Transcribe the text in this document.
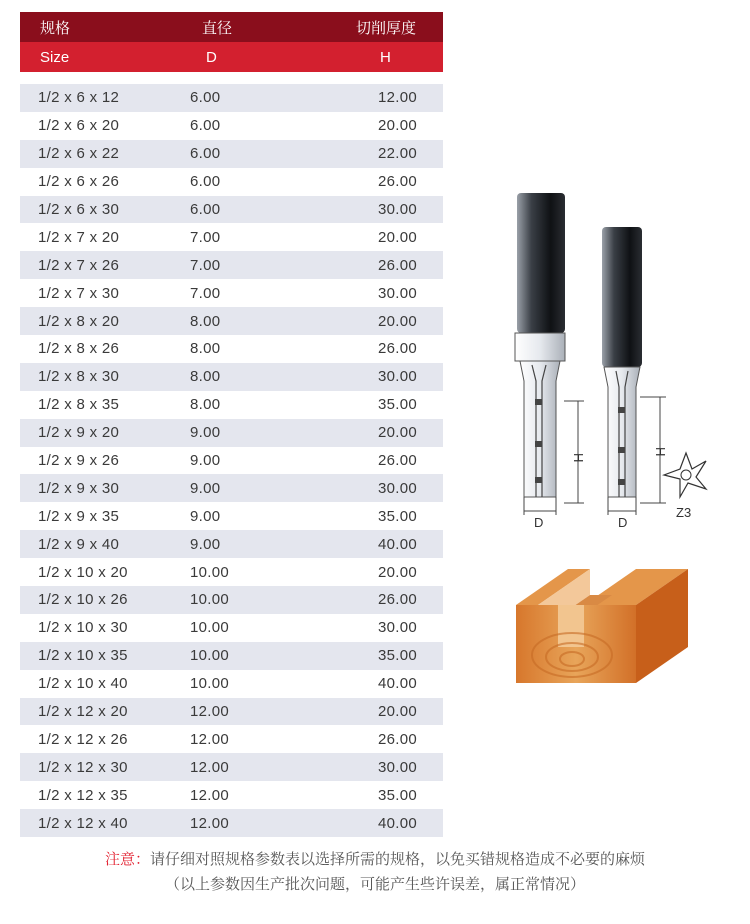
规格	直径	切削厚度
Size	D	H
1/2 x 6 x 12	6.00	12.00
1/2 x 6 x 20	6.00	20.00
1/2 x 6 x 22	6.00	22.00
1/2 x 6 x 26	6.00	26.00
1/2 x 6 x 30	6.00	30.00
1/2 x 7 x 20	7.00	20.00
1/2 x 7 x 26	7.00	26.00
1/2 x 7 x 30	7.00	30.00
1/2 x 8 x 20	8.00	20.00
1/2 x 8 x 26	8.00	26.00
1/2 x 8 x 30	8.00	30.00
1/2 x 8 x 35	8.00	35.00
1/2 x 9 x 20	9.00	20.00
1/2 x 9 x 26	9.00	26.00
1/2 x 9 x 30	9.00	30.00
1/2 x 9 x 35	9.00	35.00
1/2 x 9 x 40	9.00	40.00
1/2 x 10 x 20	10.00	20.00
1/2 x 10 x 26	10.00	26.00
1/2 x 10 x 30	10.00	30.00
1/2 x 10 x 35	10.00	35.00
1/2 x 10 x 40	10.00	40.00
1/2 x 12 x 20	12.00	20.00
1/2 x 12 x 26	12.00	26.00
1/2 x 12 x 30	12.00	30.00
1/2 x 12 x 35	12.00	35.00
1/2 x 12 x 40	12.00	40.00
D	D
H
H
Z3
注意：请仔细对照规格参数表以选择所需的规格，以免买错规格造成不必要的麻烦
（以上参数因生产批次问题，可能产生些许误差，属正常情况）
